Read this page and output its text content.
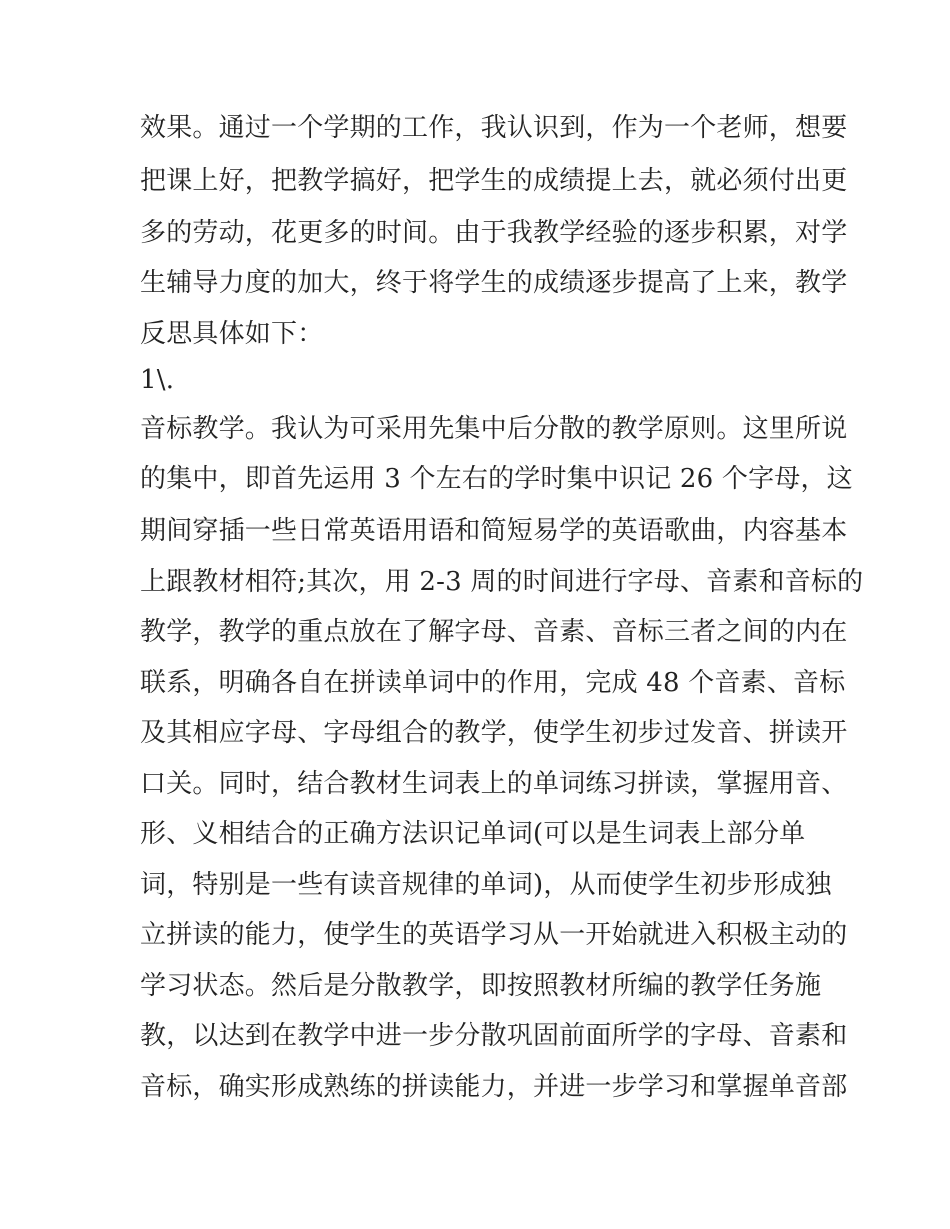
效果。通过一个学期的工作，我认识到，作为一个老师，想要
把课上好，把教学搞好，把学生的成绩提上去，就必须付出更
多的劳动，花更多的时间。由于我教学经验的逐步积累，对学
生辅导力度的加大，终于将学生的成绩逐步提高了上来，教学
反思具体如下：
1\.
音标教学。我认为可采用先集中后分散的教学原则。这里所说
的集中，即首先运用 3 个左右的学时集中识记 26 个字母，这
期间穿插一些日常英语用语和简短易学的英语歌曲，内容基本
上跟教材相符;其次，用 2-3 周的时间进行字母、音素和音标的
教学，教学的重点放在了解字母、音素、音标三者之间的内在
联系，明确各自在拼读单词中的作用，完成 48 个音素、音标
及其相应字母、字母组合的教学，使学生初步过发音、拼读开
口关。同时，结合教材生词表上的单词练习拼读，掌握用音、
形、义相结合的正确方法识记单词(可以是生词表上部分单
词，特别是一些有读音规律的单词)，从而使学生初步形成独
立拼读的能力，使学生的英语学习从一开始就进入积极主动的
学习状态。然后是分散教学，即按照教材所编的教学任务施
教，以达到在教学中进一步分散巩固前面所学的字母、音素和
音标，确实形成熟练的拼读能力，并进一步学习和掌握单音部
